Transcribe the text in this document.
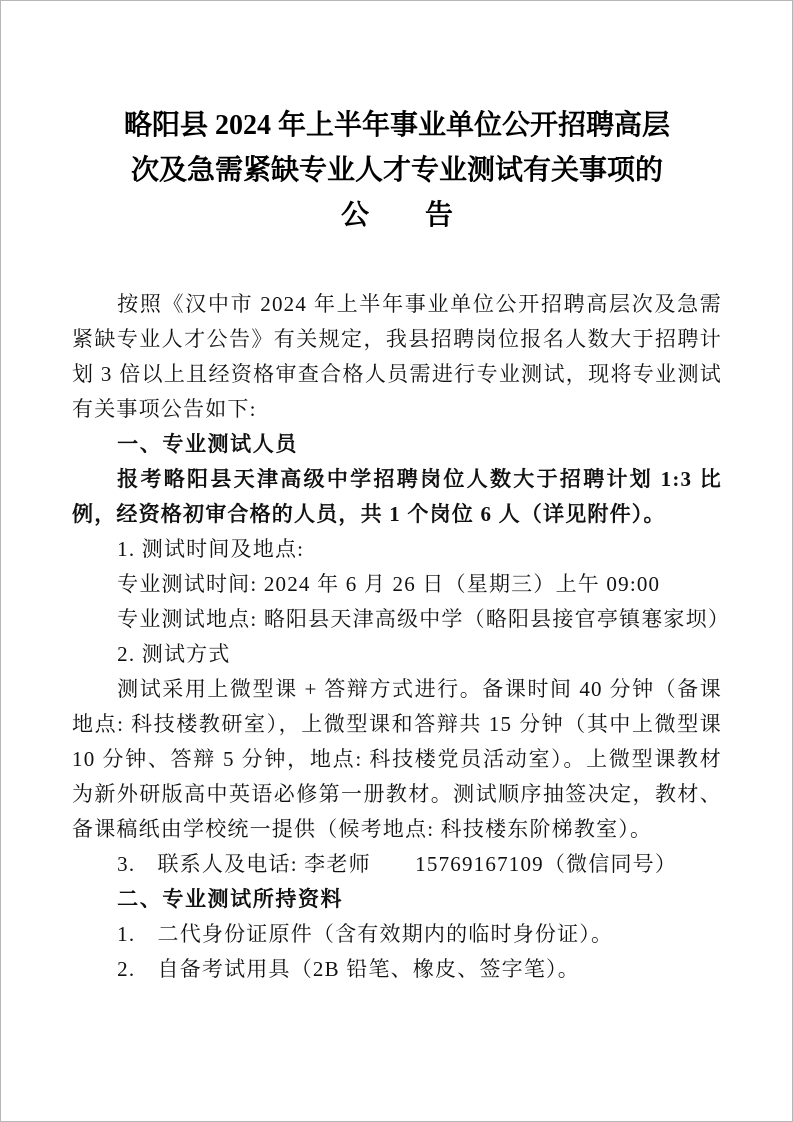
略阳县 2024 年上半年事业单位公开招聘高层
次及急需紧缺专业人才专业测试有关事项的
公　　告

按照《汉中市 2024 年上半年事业单位公开招聘高层次及急需紧缺专业人才公告》有关规定，我县招聘岗位报名人数大于招聘计划 3 倍以上且经资格审查合格人员需进行专业测试，现将专业测试有关事项公告如下:

一、专业测试人员

报考略阳县天津高级中学招聘岗位人数大于招聘计划 1:3 比例，经资格初审合格的人员，共 1 个岗位 6 人（详见附件）。

1. 测试时间及地点:

专业测试时间: 2024 年 6 月 26 日（星期三）上午 09:00

专业测试地点: 略阳县天津高级中学（略阳县接官亭镇寋家坝）

2. 测试方式

测试采用上微型课 + 答辩方式进行。备课时间 40 分钟（备课地点: 科技楼教研室），上微型课和答辩共 15 分钟（其中上微型课 10 分钟、答辩 5 分钟，地点: 科技楼党员活动室）。上微型课教材为新外研版高中英语必修第一册教材。测试顺序抽签决定，教材、备课稿纸由学校统一提供（候考地点: 科技楼东阶梯教室）。

3.　联系人及电话: 李老师　　15769167109（微信同号）

二、专业测试所持资料

1.　二代身份证原件（含有效期内的临时身份证）。

2.　自备考试用具（2B 铅笔、橡皮、签字笔）。
